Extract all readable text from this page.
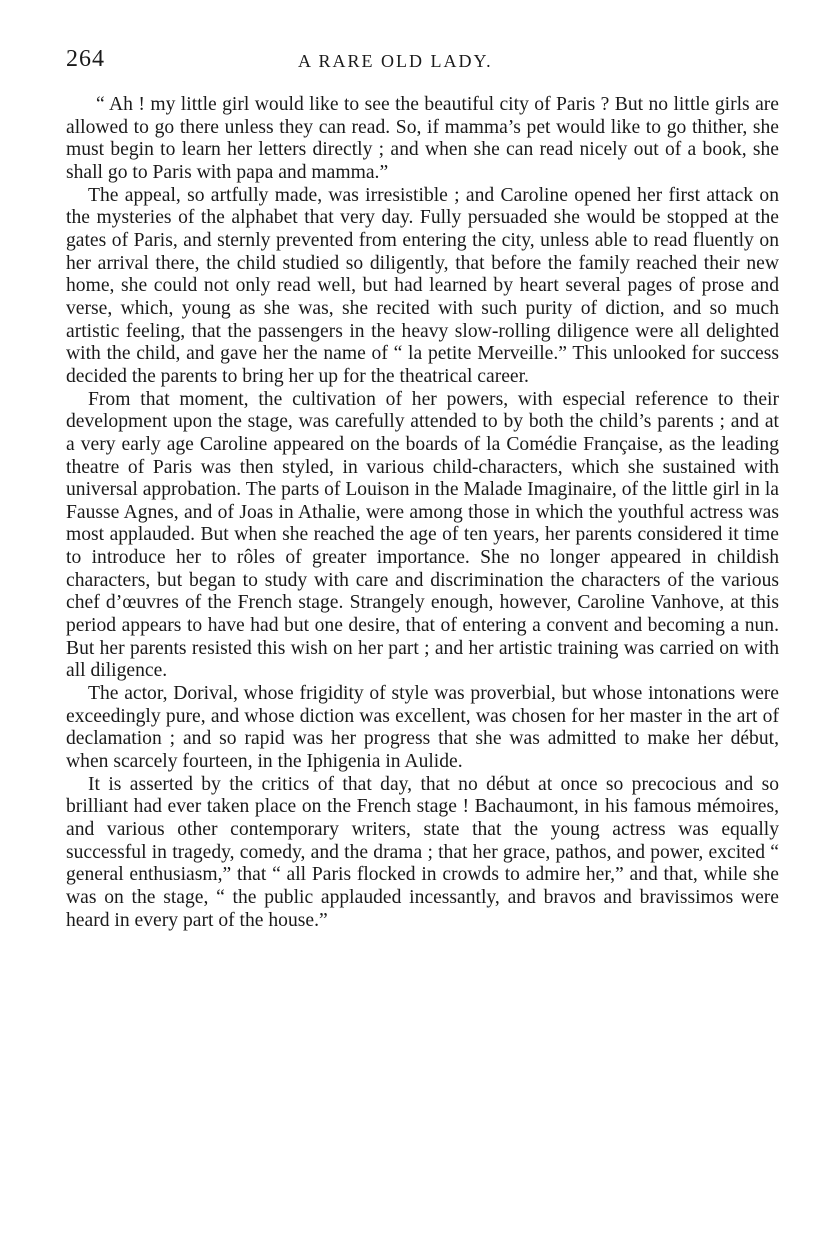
264	A RARE OLD LADY.

“ Ah ! my little girl would like to see the beautiful city of Paris ? But no little girls are allowed to go there unless they can read. So, if mamma’s pet would like to go thither, she must begin to learn her letters directly ; and when she can read nicely out of a book, she shall go to Paris with papa and mamma.”

The appeal, so artfully made, was irresistible ; and Caroline opened her first attack on the mysteries of the alphabet that very day. Fully persuaded she would be stopped at the gates of Paris, and sternly prevented from entering the city, unless able to read fluently on her arrival there, the child studied so diligently, that before the family reached their new home, she could not only read well, but had learned by heart several pages of prose and verse, which, young as she was, she recited with such purity of diction, and so much artistic feeling, that the passengers in the heavy slow-rolling diligence were all delighted with the child, and gave her the name of “ la petite Merveille.” This unlooked for success decided the parents to bring her up for the theatrical career.

From that moment, the cultivation of her powers, with especial reference to their development upon the stage, was carefully attended to by both the child’s parents ; and at a very early age Caroline appeared on the boards of la Comédie Française, as the leading theatre of Paris was then styled, in various child-characters, which she sustained with universal approbation. The parts of Louison in the Malade Imaginaire, of the little girl in la Fausse Agnes, and of Joas in Athalie, were among those in which the youthful actress was most applauded. But when she reached the age of ten years, her parents considered it time to introduce her to rôles of greater importance. She no longer appeared in childish characters, but began to study with care and discrimination the characters of the various chef d’œuvres of the French stage. Strangely enough, however, Caroline Vanhove, at this period appears to have had but one desire, that of entering a convent and becoming a nun. But her parents resisted this wish on her part ; and her artistic training was carried on with all diligence.

The actor, Dorival, whose frigidity of style was proverbial, but whose intonations were exceedingly pure, and whose diction was excellent, was chosen for her master in the art of declamation ; and so rapid was her progress that she was admitted to make her début, when scarcely fourteen, in the Iphigenia in Aulide.

It is asserted by the critics of that day, that no début at once so precocious and so brilliant had ever taken place on the French stage ! Bachaumont, in his famous mémoires, and various other contemporary writers, state that the young actress was equally successful in tragedy, comedy, and the drama ; that her grace, pathos, and power, excited “ general enthusiasm,” that “ all Paris flocked in crowds to admire her,” and that, while she was on the stage, “ the public applauded incessantly, and bravos and bravissimos were heard in every part of the house.”
